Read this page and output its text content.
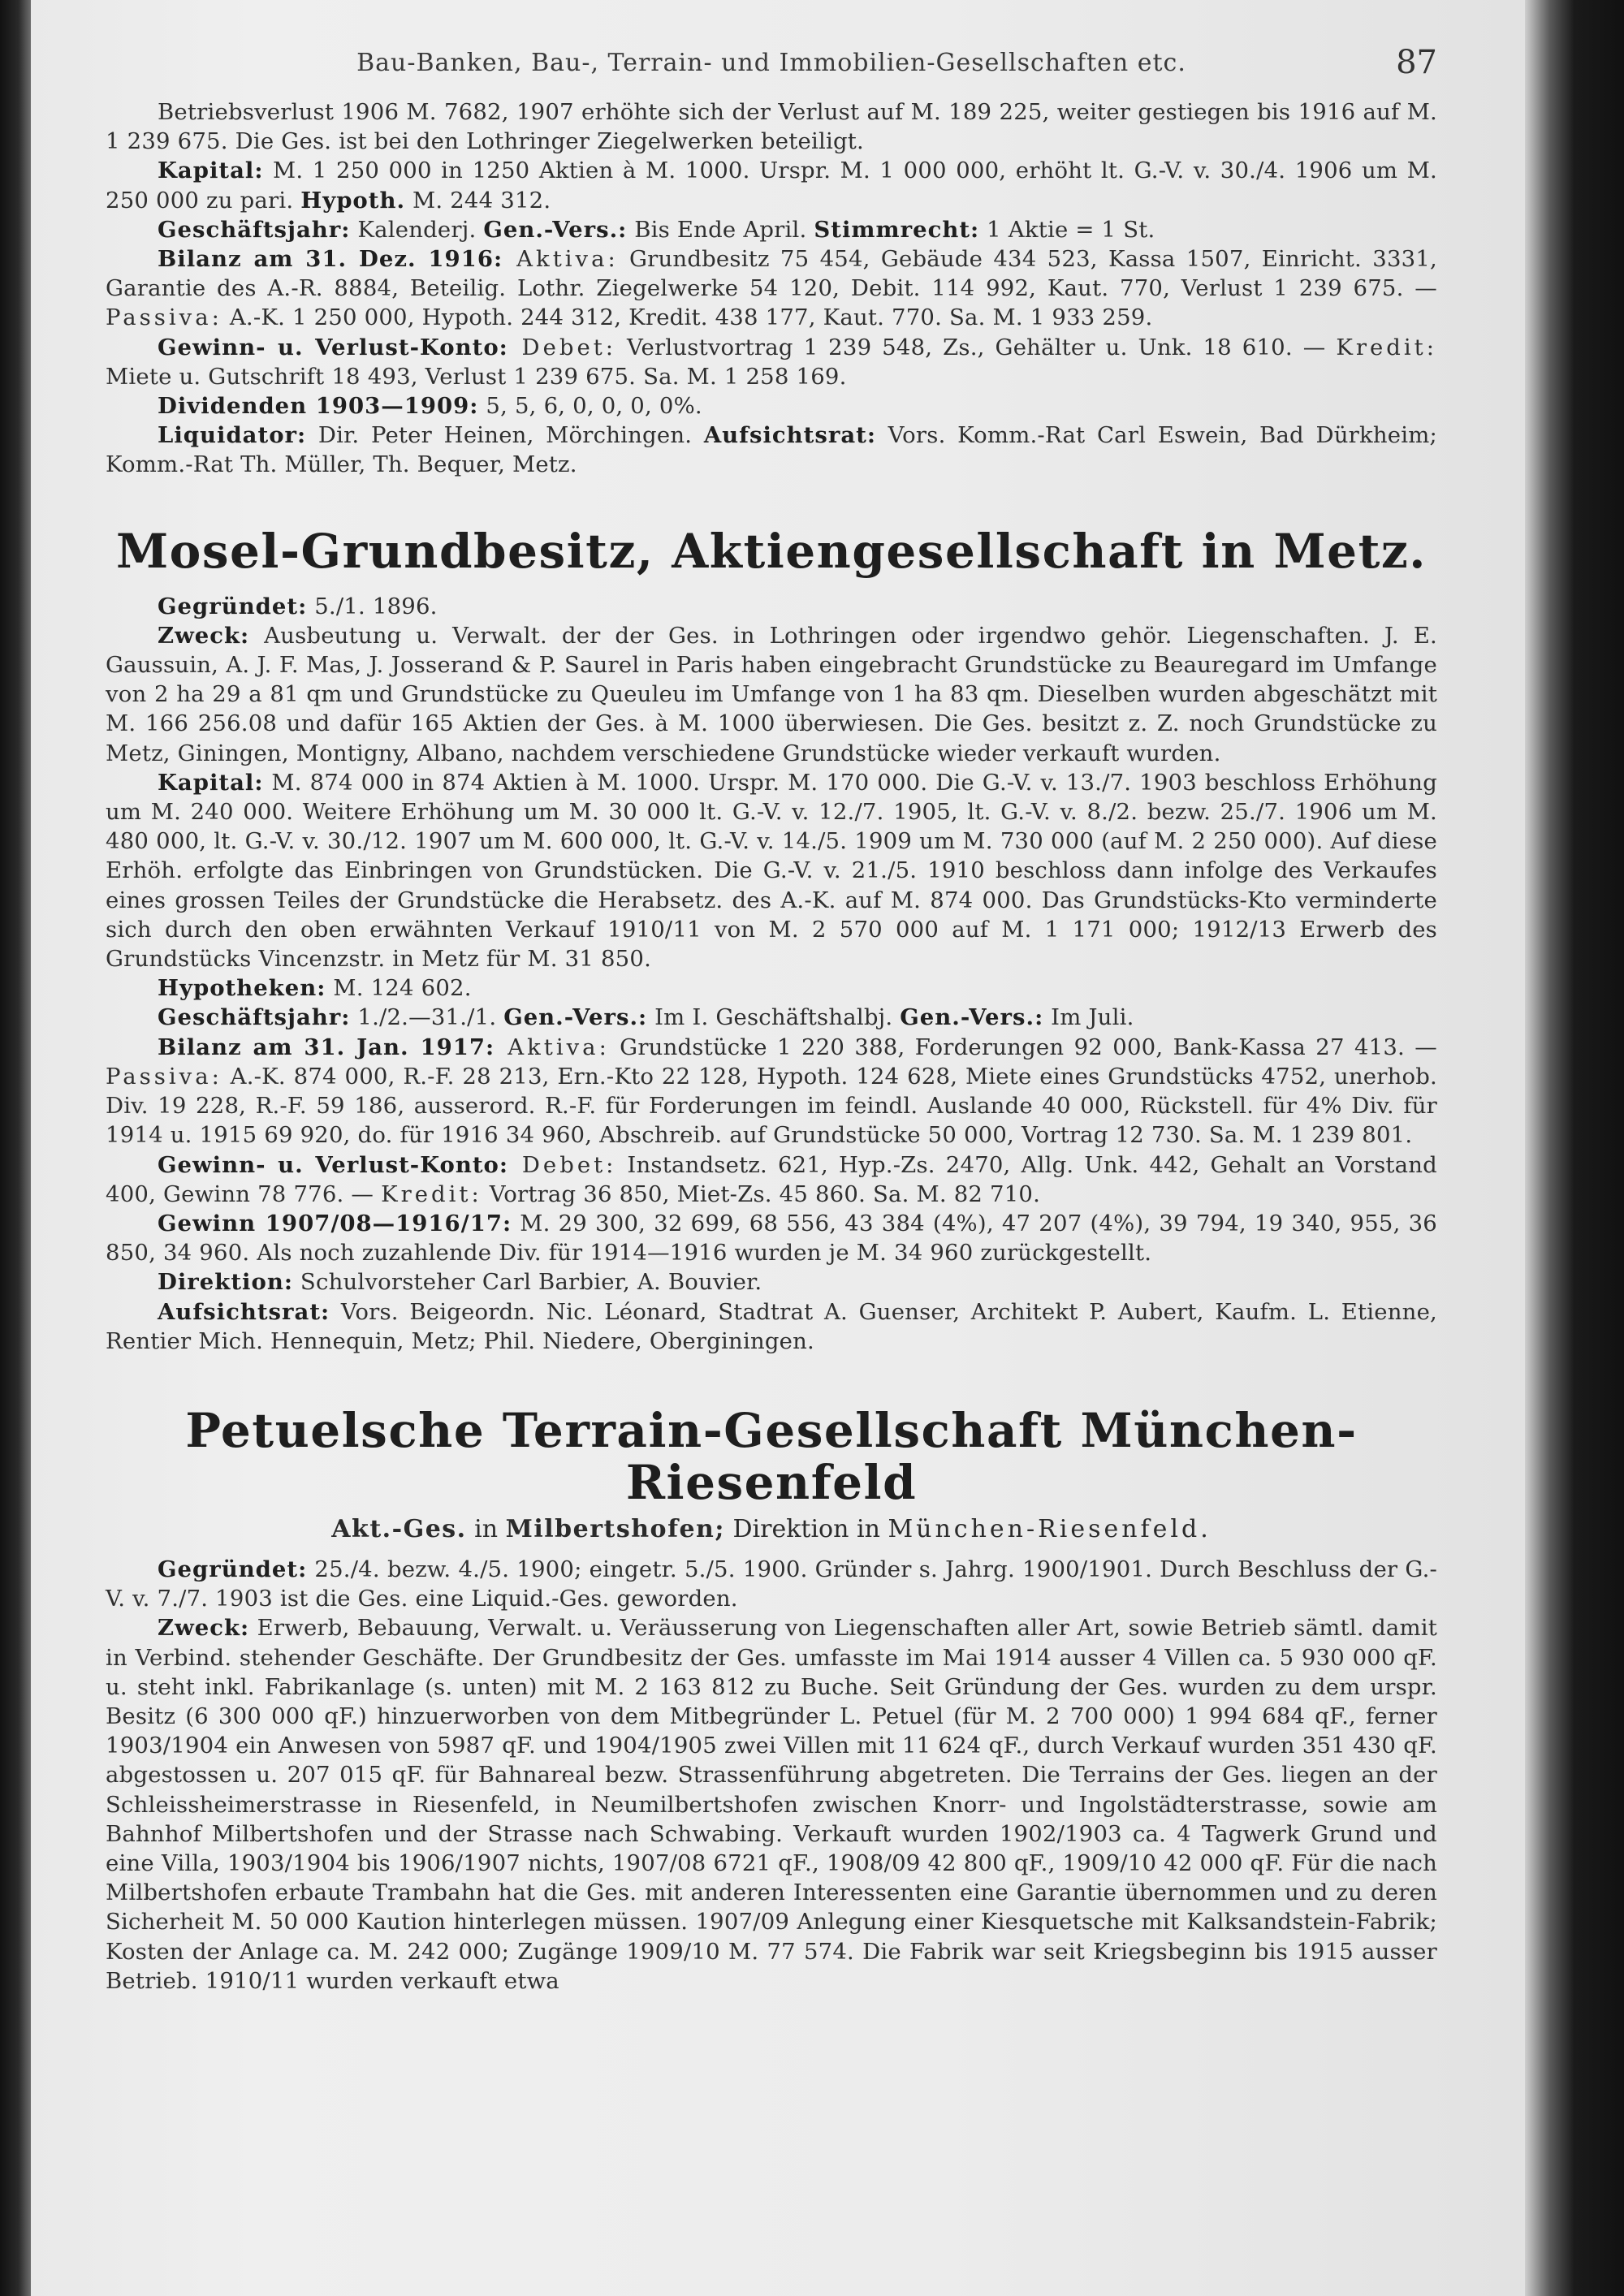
Bau-Banken, Bau-, Terrain- und Immobilien-Gesellschaften etc.	87

Betriebsverlust 1906 M. 7682, 1907 erhöhte sich der Verlust auf M. 189 225, weiter gestiegen bis 1916 auf M. 1 239 675. Die Ges. ist bei den Lothringer Ziegelwerken beteiligt.

Kapital: M. 1 250 000 in 1250 Aktien à M. 1000. Urspr. M. 1 000 000, erhöht lt. G.-V. v. 30./4. 1906 um M. 250 000 zu pari. Hypoth. M. 244 312.

Geschäftsjahr: Kalenderj. Gen.-Vers.: Bis Ende April. Stimmrecht: 1 Aktie = 1 St.

Bilanz am 31. Dez. 1916: Aktiva: Grundbesitz 75 454, Gebäude 434 523, Kassa 1507, Einricht. 3331, Garantie des A.-R. 8884, Beteilig. Lothr. Ziegelwerke 54 120, Debit. 114 992, Kaut. 770, Verlust 1 239 675. — Passiva: A.-K. 1 250 000, Hypoth. 244 312, Kredit. 438 177, Kaut. 770. Sa. M. 1 933 259.

Gewinn- u. Verlust-Konto: Debet: Verlustvortrag 1 239 548, Zs., Gehälter u. Unk. 18 610. — Kredit: Miete u. Gutschrift 18 493, Verlust 1 239 675. Sa. M. 1 258 169.

Dividenden 1903—1909: 5, 5, 6, 0, 0, 0, 0%.

Liquidator: Dir. Peter Heinen, Mörchingen. Aufsichtsrat: Vors. Komm.-Rat Carl Eswein, Bad Dürkheim; Komm.-Rat Th. Müller, Th. Bequer, Metz.

Mosel-Grundbesitz, Aktiengesellschaft in Metz.

Gegründet: 5./1. 1896.

Zweck: Ausbeutung u. Verwalt. der der Ges. in Lothringen oder irgendwo gehör. Liegenschaften. J. E. Gaussuin, A. J. F. Mas, J. Josserand & P. Saurel in Paris haben eingebracht Grundstücke zu Beauregard im Umfange von 2 ha 29 a 81 qm und Grundstücke zu Queuleu im Umfange von 1 ha 83 qm. Dieselben wurden abgeschätzt mit M. 166 256.08 und dafür 165 Aktien der Ges. à M. 1000 überwiesen. Die Ges. besitzt z. Z. noch Grundstücke zu Metz, Giningen, Montigny, Albano, nachdem verschiedene Grundstücke wieder verkauft wurden.

Kapital: M. 874 000 in 874 Aktien à M. 1000. Urspr. M. 170 000. Die G.-V. v. 13./7. 1903 beschloss Erhöhung um M. 240 000. Weitere Erhöhung um M. 30 000 lt. G.-V. v. 12./7. 1905, lt. G.-V. v. 8./2. bezw. 25./7. 1906 um M. 480 000, lt. G.-V. v. 30./12. 1907 um M. 600 000, lt. G.-V. v. 14./5. 1909 um M. 730 000 (auf M. 2 250 000). Auf diese Erhöh. erfolgte das Einbringen von Grundstücken. Die G.-V. v. 21./5. 1910 beschloss dann infolge des Verkaufes eines grossen Teiles der Grundstücke die Herabsetz. des A.-K. auf M. 874 000. Das Grundstücks-Kto verminderte sich durch den oben erwähnten Verkauf 1910/11 von M. 2 570 000 auf M. 1 171 000; 1912/13 Erwerb des Grundstücks Vincenzstr. in Metz für M. 31 850.

Hypotheken: M. 124 602.

Geschäftsjahr: 1./2.—31./1. Gen.-Vers.: Im I. Geschäftshalbj. Gen.-Vers.: Im Juli.

Bilanz am 31. Jan. 1917: Aktiva: Grundstücke 1 220 388, Forderungen 92 000, Bank-Kassa 27 413. — Passiva: A.-K. 874 000, R.-F. 28 213, Ern.-Kto 22 128, Hypoth. 124 628, Miete eines Grundstücks 4752, unerhob. Div. 19 228, R.-F. 59 186, ausserord. R.-F. für Forderungen im feindl. Auslande 40 000, Rückstell. für 4% Div. für 1914 u. 1915 69 920, do. für 1916 34 960, Abschreib. auf Grundstücke 50 000, Vortrag 12 730. Sa. M. 1 239 801.

Gewinn- u. Verlust-Konto: Debet: Instandsetz. 621, Hyp.-Zs. 2470, Allg. Unk. 442, Gehalt an Vorstand 400, Gewinn 78 776. — Kredit: Vortrag 36 850, Miet-Zs. 45 860. Sa. M. 82 710.

Gewinn 1907/08—1916/17: M. 29 300, 32 699, 68 556, 43 384 (4%), 47 207 (4%), 39 794, 19 340, 955, 36 850, 34 960. Als noch zuzahlende Div. für 1914—1916 wurden je M. 34 960 zurückgestellt.

Direktion: Schulvorsteher Carl Barbier, A. Bouvier.

Aufsichtsrat: Vors. Beigeordn. Nic. Léonard, Stadtrat A. Guenser, Architekt P. Aubert, Kaufm. L. Etienne, Rentier Mich. Hennequin, Metz; Phil. Niedere, Oberginingen.

Petuelsche Terrain-Gesellschaft München-Riesenfeld
Akt.-Ges. in Milbertshofen; Direktion in München-Riesenfeld.

Gegründet: 25./4. bezw. 4./5. 1900; eingetr. 5./5. 1900. Gründer s. Jahrg. 1900/1901. Durch Beschluss der G.-V. v. 7./7. 1903 ist die Ges. eine Liquid.-Ges. geworden.

Zweck: Erwerb, Bebauung, Verwalt. u. Veräusserung von Liegenschaften aller Art, sowie Betrieb sämtl. damit in Verbind. stehender Geschäfte. Der Grundbesitz der Ges. umfasste im Mai 1914 ausser 4 Villen ca. 5 930 000 qF. u. steht inkl. Fabrikanlage (s. unten) mit M. 2 163 812 zu Buche. Seit Gründung der Ges. wurden zu dem urspr. Besitz (6 300 000 qF.) hinzuerworben von dem Mitbegründer L. Petuel (für M. 2 700 000) 1 994 684 qF., ferner 1903/1904 ein Anwesen von 5987 qF. und 1904/1905 zwei Villen mit 11 624 qF., durch Verkauf wurden 351 430 qF. abgestossen u. 207 015 qF. für Bahnareal bezw. Strassenführung abgetreten. Die Terrains der Ges. liegen an der Schleissheimerstrasse in Riesenfeld, in Neumilbertshofen zwischen Knorr- und Ingolstädterstrasse, sowie am Bahnhof Milbertshofen und der Strasse nach Schwabing. Verkauft wurden 1902/1903 ca. 4 Tagwerk Grund und eine Villa, 1903/1904 bis 1906/1907 nichts, 1907/08 6721 qF., 1908/09 42 800 qF., 1909/10 42 000 qF. Für die nach Milbertshofen erbaute Trambahn hat die Ges. mit anderen Interessenten eine Garantie übernommen und zu deren Sicherheit M. 50 000 Kaution hinterlegen müssen. 1907/09 Anlegung einer Kiesquetsche mit Kalksandstein-Fabrik; Kosten der Anlage ca. M. 242 000; Zugänge 1909/10 M. 77 574. Die Fabrik war seit Kriegsbeginn bis 1915 ausser Betrieb. 1910/11 wurden verkauft etwa
